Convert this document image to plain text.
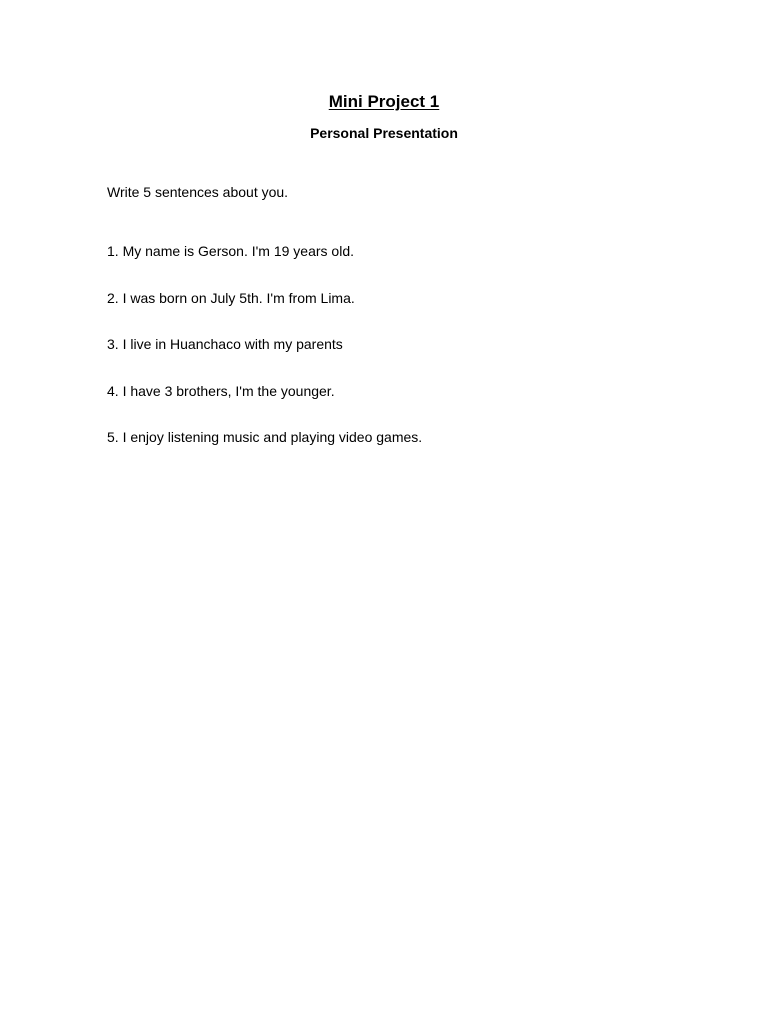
Mini Project 1
Personal Presentation
Write 5 sentences about you.
1. My name is Gerson. I'm 19 years old.
2. I was born on July 5th. I'm from Lima.
3. I live in Huanchaco with my parents
4. I have 3 brothers, I'm the younger.
5. I enjoy listening music and playing video games.
